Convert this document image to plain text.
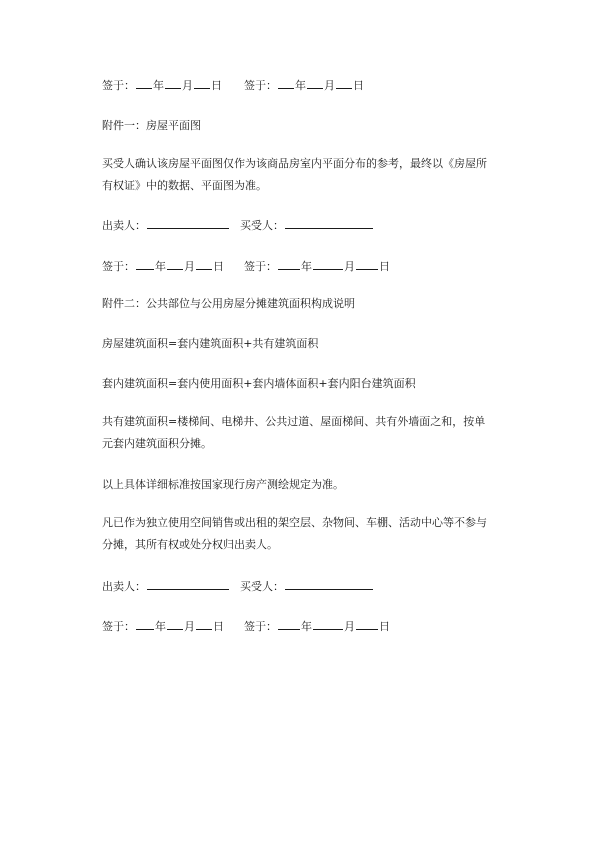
签于： 年 月 日 签于： 年 月 日
附件一：房屋平面图
买受人确认该房屋平面图仅作为该商品房室内平面分布的参考，最终以《房屋所有权证》中的数据、平面图为准。
出卖人：	买受人：
签于： 年 月 日 签于： 年	月 日
附件二：公共部位与公用房屋分摊建筑面积构成说明
房屋建筑面积=套内建筑面积+共有建筑面积
套内建筑面积=套内使用面积+套内墙体面积+套内阳台建筑面积
共有建筑面积=楼梯间、电梯井、公共过道、屋面梯间、共有外墙面之和，按单元套内建筑面积分摊。
以上具体详细标准按国家现行房产测绘规定为准。
凡已作为独立使用空间销售或出租的架空层、杂物间、车棚、活动中心等不参与分摊，其所有权或处分权归出卖人。
出卖人：	买受人：
签于： 年 月 日 签于： 年	月 日
